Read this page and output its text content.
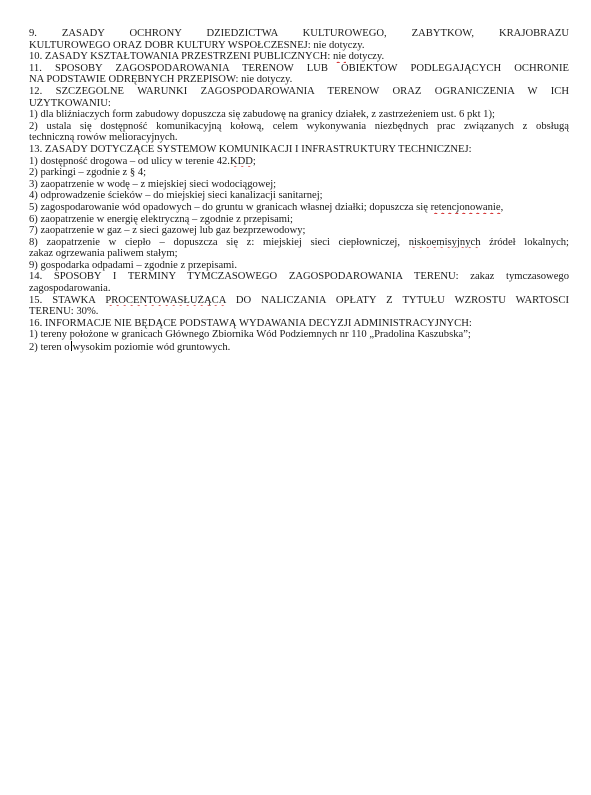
9. ZASADY OCHRONY DZIEDZICTWA KULTUROWEGO, ZABYTKÓW, KRAJOBRAZU
KULTUROWEGO ORAZ DÓBR KULTURY WSPÓŁCZESNEJ: nie dotyczy.
10. ZASADY KSZTAŁTOWANIA PRZESTRZENI PUBLICZNYCH: nie dotyczy.
11. SPOSOBY ZAGOSPODAROWANIA TERENÓW LUB OBIEKTÓW PODLEGAJĄCYCH OCHRONIE
NA PODSTAWIE ODRĘBNYCH PRZEPISÓW: nie dotyczy.
12. SZCZEGÓLNE WARUNKI ZAGOSPODAROWANIA TERENÓW ORAZ OGRANICZENIA W ICH
UŻYTKOWANIU:
1) dla bliźniaczych form zabudowy dopuszcza się zabudowę na granicy działek, z zastrzeżeniem ust. 6 pkt 1);
2) ustala się dostępność komunikacyjną kołową, celem wykonywania niezbędnych prac związanych z obsługą
techniczną rowów melioracyjnych.
13. ZASADY DOTYCZĄCE SYSTEMÓW KOMUNIKACJI I INFRASTRUKTURY TECHNICZNEJ:
1) dostępność drogowa – od ulicy w terenie 42.KDD;
2) parkingi – zgodnie z § 4;
3) zaopatrzenie w wodę – z miejskiej sieci wodociągowej;
4) odprowadzenie ścieków – do miejskiej sieci kanalizacji sanitarnej;
5) zagospodarowanie wód opadowych – do gruntu w granicach własnej działki; dopuszcza się retencjonowanie,
6) zaopatrzenie w energię elektryczną – zgodnie z przepisami;
7) zaopatrzenie w gaz – z sieci gazowej lub gaz bezprzewodowy;
8) zaopatrzenie w ciepło – dopuszcza się z: miejskiej sieci ciepłowniczej, niskoemisyjnych źródeł lokalnych;
zakaz ogrzewania paliwem stałym;
9) gospodarka odpadami – zgodnie z przepisami.
14. SPOSOBY I TERMINY TYMCZASOWEGO ZAGOSPODAROWANIA TERENU: zakaz tymczasowego
zagospodarowania.
15. STAWKA PROCENTOWASŁUŻĄCA DO NALICZANIA OPŁATY Z TYTUŁU WZROSTU WARTOŚCI
TERENU: 30%.
16. INFORMACJE NIE BĘDĄCE PODSTAWĄ WYDAWANIA DECYZJI ADMINISTRACYJNYCH:
1) tereny położone w granicach Głównego Zbiornika Wód Podziemnych nr 110 „Pradolina Kaszubska”;
2) teren o wysokim poziomie wód gruntowych.
